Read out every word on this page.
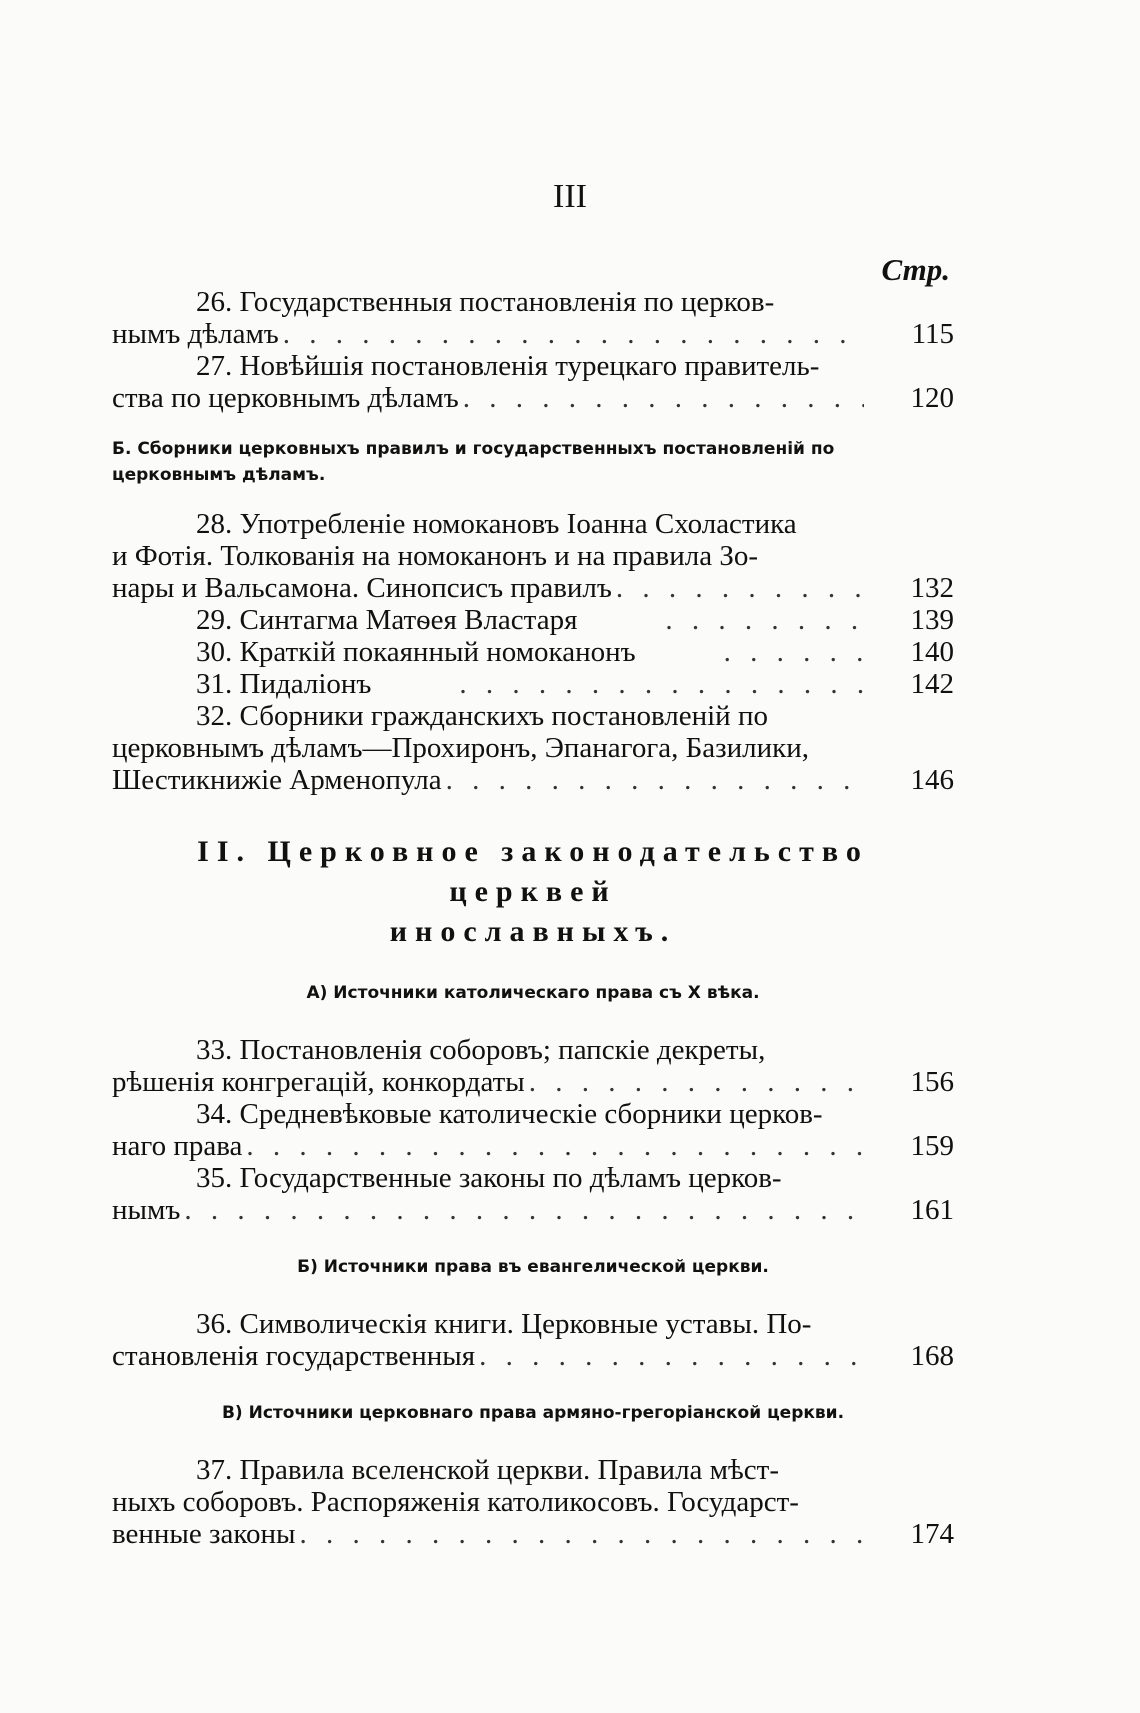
III
Стр.

26. Государственныя постановленія по церков-

нымъ дѣламъ . . .	115

27. Новѣйшія постановленія турецкаго правитель-

ства по церковнымъ дѣламъ . . .	120
Б. Сборники церковныхъ правилъ и государственныхъ постановленій по церковнымъ дѣламъ.

28. Употребленіе номокановъ Іоанна Схоластика

и Фотія. Толкованія на номоканонъ и на правила Зо-

нары и Вальсамона. Синопсисъ правилъ . . .	132

29. Синтагма Матѳея Властаря . . .	139

30. Краткій покаянный номоканонъ . . .	140

31. Пидаліонъ . . .	142

32. Сборники гражданскихъ постановленій по

церковнымъ дѣламъ—Прохиронъ, Эпанагога, Базилики,

Шестикнижіе Арменопула . . .	146
II. Церковное законодательство церквей
инославныхъ.
А) Источники католическаго права съ X вѣка.

33. Постановленія соборовъ; папскіе декреты,

рѣшенія конгрегацій, конкордаты . . .	156

34. Средневѣковые католическіе сборники церков-

наго права . . .	159

35. Государственные законы по дѣламъ церков-

нымъ . . .	161
Б) Источники права въ евангелической церкви.

36. Символическія книги. Церковные уставы. По-

становленія государственныя . . .	168
В) Источники церковнаго права армяно-грегоріанской церкви.

37. Правила вселенской церкви. Правила мѣст-

ныхъ соборовъ. Распоряженія католикосовъ. Государст-

венные законы . . .	174
